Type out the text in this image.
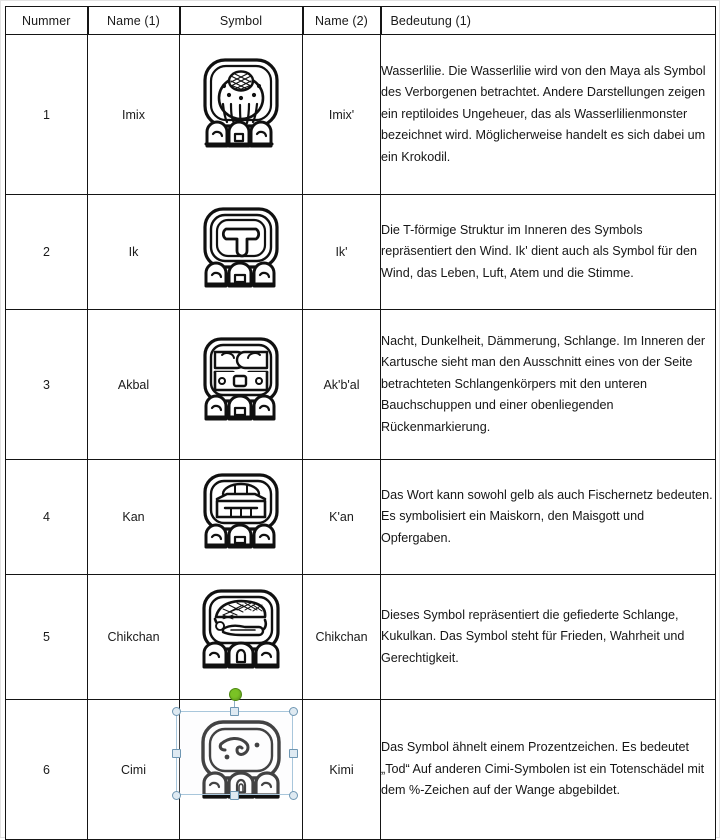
Nummer	Name (1)	Symbol	Name (2)	Bedeutung (1)
1	Imix		Imix'	Wasserlilie. Die Wasserlilie wird von den Maya als Symbol des Verborgenen betrachtet. Andere Darstellungen zeigen ein reptiloides Ungeheuer, das als Wasserlilienmonster bezeichnet wird. Möglicherweise handelt es sich dabei um ein Krokodil.
2	Ik		Ik'	Die T-förmige Struktur im Inneren des Symbols repräsentiert den Wind. Ik' dient auch als Symbol für den Wind, das Leben, Luft, Atem und die Stimme.
3	Akbal		Ak'b'al	Nacht, Dunkelheit, Dämmerung, Schlange. Im Inneren der Kartusche sieht man den Ausschnitt eines von der Seite betrachteten Schlangenkörpers mit den unteren Bauchschuppen und einer obenliegenden Rückenmarkierung.
4	Kan		K'an	Das Wort kann sowohl gelb als auch Fischernetz bedeuten. Es symbolisiert ein Maiskorn, den Maisgott und Opfergaben.
5	Chikchan		Chikchan	Dieses Symbol repräsentiert die gefiederte Schlange, Kukulkan. Das Symbol steht für Frieden, Wahrheit und Gerechtigkeit.
6	Cimi		Kimi	Das Symbol ähnelt einem Prozentzeichen. Es bedeutet „Tod“ Auf anderen Cimi-Symbolen ist ein Totenschädel mit dem %-Zeichen auf der Wange abgebildet.
